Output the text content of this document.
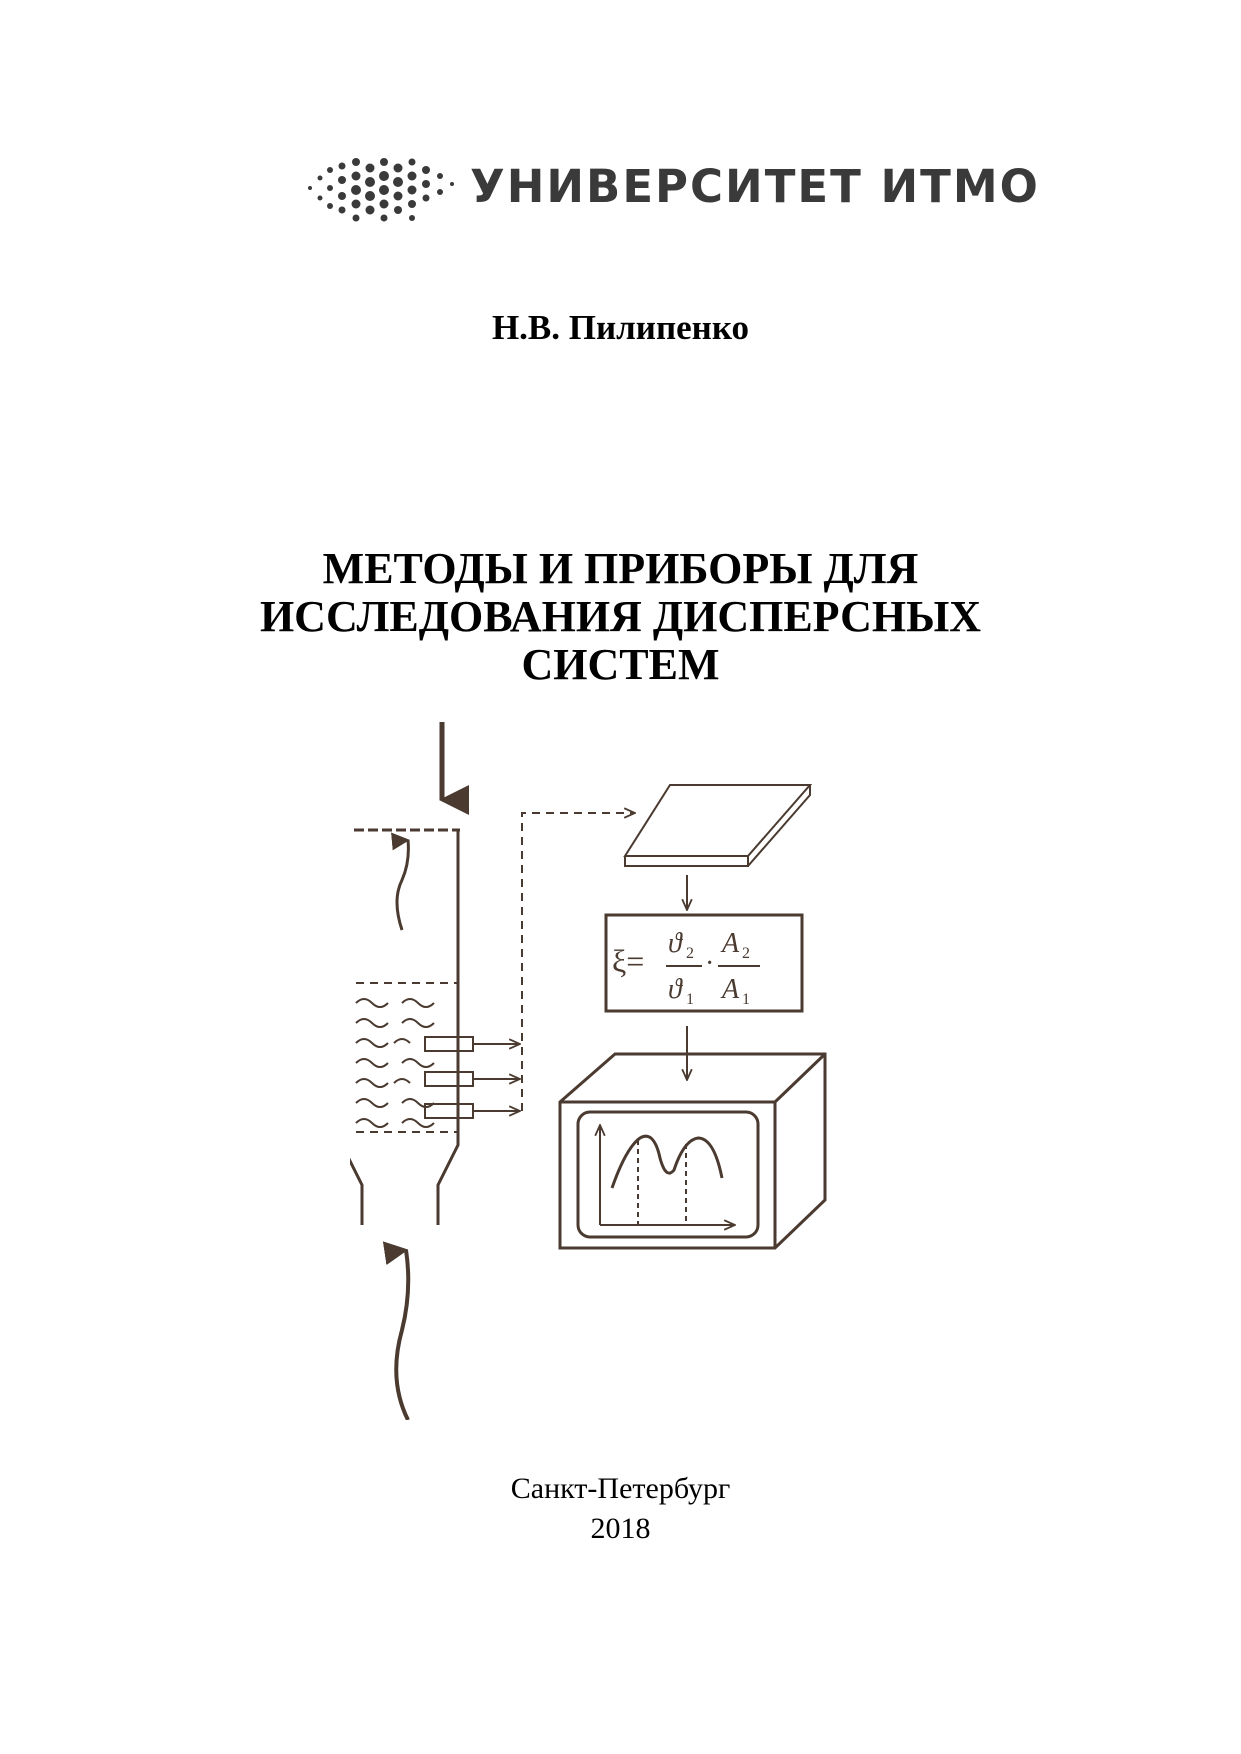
УНИВЕРСИТЕТ ИТМО
Н.В. Пилипенко
МЕТОДЫ И ПРИБОРЫ ДЛЯ
ИССЛЕДОВАНИЯ ДИСПЕРСНЫХ
СИСТЕМ
ξ= ϑ 2
ϑ 1
·
A 2
A 1
Санкт-Петербург
2018
